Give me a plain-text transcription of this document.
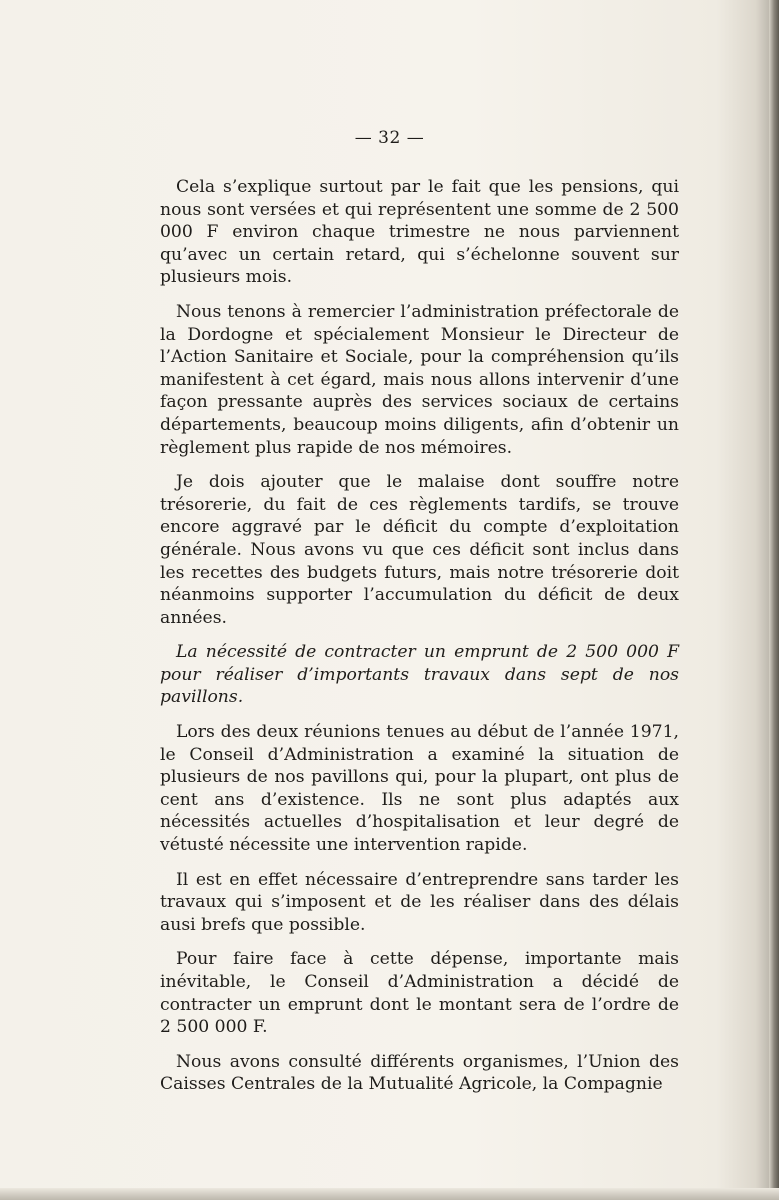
— 32 —

Cela s’explique surtout par le fait que les pensions, qui nous sont versées et qui représentent une somme de 2 500 000 F environ chaque trimestre ne nous parviennent qu’avec un certain retard, qui s’échelonne souvent sur plusieurs mois.

Nous tenons à remercier l’administration préfectorale de la Dordogne et spécialement Monsieur le Directeur de l’Action Sanitaire et Sociale, pour la compréhension qu’ils manifestent à cet égard, mais nous allons intervenir d’une façon pressante auprès des services sociaux de certains départements, beaucoup moins diligents, afin d’obtenir un règlement plus rapide de nos mémoires.

Je dois ajouter que le malaise dont souffre notre trésorerie, du fait de ces règlements tardifs, se trouve encore aggravé par le déficit du compte d’exploitation générale. Nous avons vu que ces déficit sont inclus dans les recettes des budgets futurs, mais notre trésorerie doit néanmoins supporter l’accumulation du déficit de deux années.

La nécessité de contracter un emprunt de 2 500 000 F pour réaliser d’importants travaux dans sept de nos pavillons.

Lors des deux réunions tenues au début de l’année 1971, le Conseil d’Administration a examiné la situation de plusieurs de nos pavillons qui, pour la plupart, ont plus de cent ans d’existence. Ils ne sont plus adaptés aux nécessités actuelles d’hospitalisation et leur degré de vétusté nécessite une intervention rapide.

Il est en effet nécessaire d’entreprendre sans tarder les travaux qui s’imposent et de les réaliser dans des délais ausi brefs que possible.

Pour faire face à cette dépense, importante mais inévitable, le Conseil d’Administration a décidé de contracter un emprunt dont le montant sera de l’ordre de 2 500 000 F.

Nous avons consulté différents organismes, l’Union des Caisses Centrales de la Mutualité Agricole, la Compagnie
